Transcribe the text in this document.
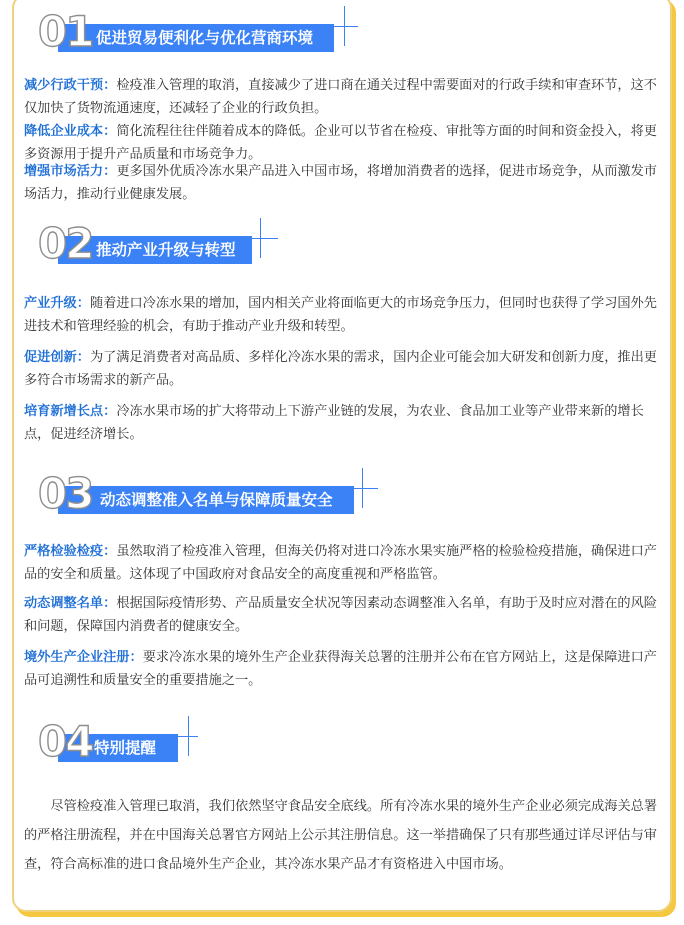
01 促进贸易便利化与优化营商环境
减少行政干预：检疫准入管理的取消，直接减少了进口商在通关过程中需要面对的行政手续和审查环节，这不仅加快了货物流通速度，还减轻了企业的行政负担。
降低企业成本：简化流程往往伴随着成本的降低。企业可以节省在检疫、审批等方面的时间和资金投入，将更多资源用于提升产品质量和市场竞争力。
增强市场活力：更多国外优质冷冻水果产品进入中国市场，将增加消费者的选择，促进市场竞争，从而激发市场活力，推动行业健康发展。
02 推动产业升级与转型
产业升级：随着进口冷冻水果的增加，国内相关产业将面临更大的市场竞争压力，但同时也获得了学习国外先进技术和管理经验的机会，有助于推动产业升级和转型。
促进创新：为了满足消费者对高品质、多样化冷冻水果的需求，国内企业可能会加大研发和创新力度，推出更多符合市场需求的新产品。
培育新增长点：冷冻水果市场的扩大将带动上下游产业链的发展，为农业、食品加工业等产业带来新的增长点，促进经济增长。
03 动态调整准入名单与保障质量安全
严格检验检疫：虽然取消了检疫准入管理，但海关仍将对进口冷冻水果实施严格的检验检疫措施，确保进口产品的安全和质量。这体现了中国政府对食品安全的高度重视和严格监管。
动态调整名单：根据国际疫情形势、产品质量安全状况等因素动态调整准入名单，有助于及时应对潜在的风险和问题，保障国内消费者的健康安全。
境外生产企业注册：要求冷冻水果的境外生产企业获得海关总署的注册并公布在官方网站上，这是保障进口产品可追溯性和质量安全的重要措施之一。
04 特别提醒
尽管检疫准入管理已取消，我们依然坚守食品安全底线。所有冷冻水果的境外生产企业必须完成海关总署的严格注册流程，并在中国海关总署官方网站上公示其注册信息。这一举措确保了只有那些通过详尽评估与审查，符合高标准的进口食品境外生产企业，其冷冻水果产品才有资格进入中国市场。
